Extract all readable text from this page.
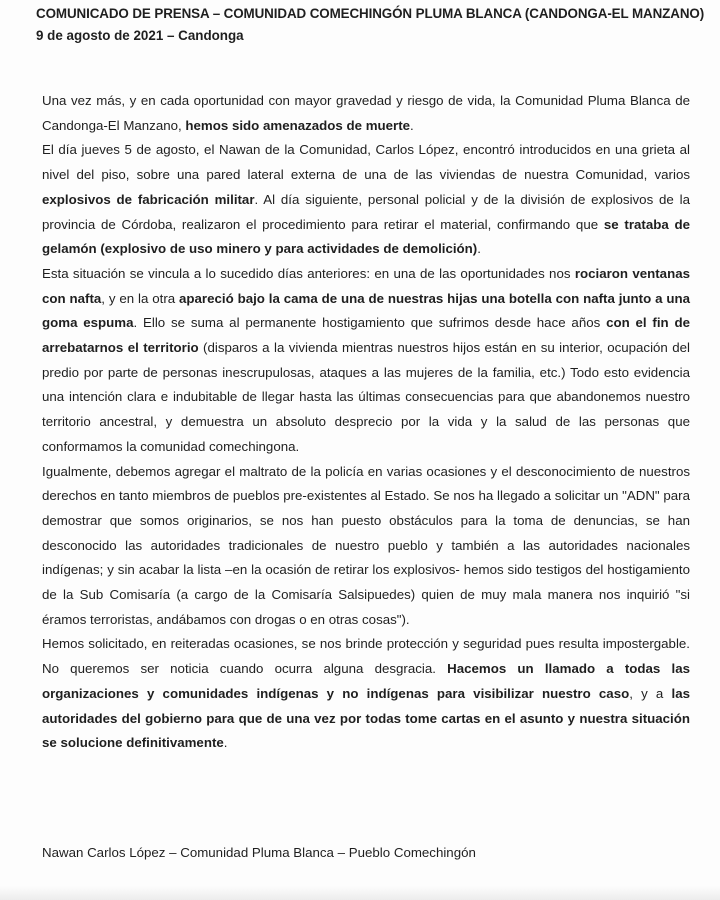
COMUNICADO DE PRENSA – COMUNIDAD COMECHINGÓN PLUMA BLANCA (CANDONGA-EL MANZANO)
9 de agosto de 2021 – Candonga

Una vez más, y en cada oportunidad con mayor gravedad y riesgo de vida, la Comunidad Pluma Blanca de Candonga-El Manzano, hemos sido amenazados de muerte.

El día jueves 5 de agosto, el Nawan de la Comunidad, Carlos López, encontró introducidos en una grieta al nivel del piso, sobre una pared lateral externa de una de las viviendas de nuestra Comunidad, varios explosivos de fabricación militar. Al día siguiente, personal policial y de la división de explosivos de la provincia de Córdoba, realizaron el procedimiento para retirar el material, confirmando que se trataba de gelamón (explosivo de uso minero y para actividades de demolición).

Esta situación se vincula a lo sucedido días anteriores: en una de las oportunidades nos rociaron ventanas con nafta, y en la otra apareció bajo la cama de una de nuestras hijas una botella con nafta junto a una goma espuma. Ello se suma al permanente hostigamiento que sufrimos desde hace años con el fin de arrebatarnos el territorio (disparos a la vivienda mientras nuestros hijos están en su interior, ocupación del predio por parte de personas inescrupulosas, ataques a las mujeres de la familia, etc.) Todo esto evidencia una intención clara e indubitable de llegar hasta las últimas consecuencias para que abandonemos nuestro territorio ancestral, y demuestra un absoluto desprecio por la vida y la salud de las personas que conformamos la comunidad comechingona.

Igualmente, debemos agregar el maltrato de la policía en varias ocasiones y el desconocimiento de nuestros derechos en tanto miembros de pueblos pre-existentes al Estado. Se nos ha llegado a solicitar un "ADN" para demostrar que somos originarios, se nos han puesto obstáculos para la toma de denuncias, se han desconocido las autoridades tradicionales de nuestro pueblo y también a las autoridades nacionales indígenas; y sin acabar la lista –en la ocasión de retirar los explosivos- hemos sido testigos del hostigamiento de la Sub Comisaría (a cargo de la Comisaría Salsipuedes) quien de muy mala manera nos inquirió "si éramos terroristas, andábamos con drogas o en otras cosas").

Hemos solicitado, en reiteradas ocasiones, se nos brinde protección y seguridad pues resulta impostergable. No queremos ser noticia cuando ocurra alguna desgracia. Hacemos un llamado a todas las organizaciones y comunidades indígenas y no indígenas para visibilizar nuestro caso, y a las autoridades del gobierno para que de una vez por todas tome cartas en el asunto y nuestra situación se solucione definitivamente.

Nawan Carlos López – Comunidad Pluma Blanca – Pueblo Comechingón
